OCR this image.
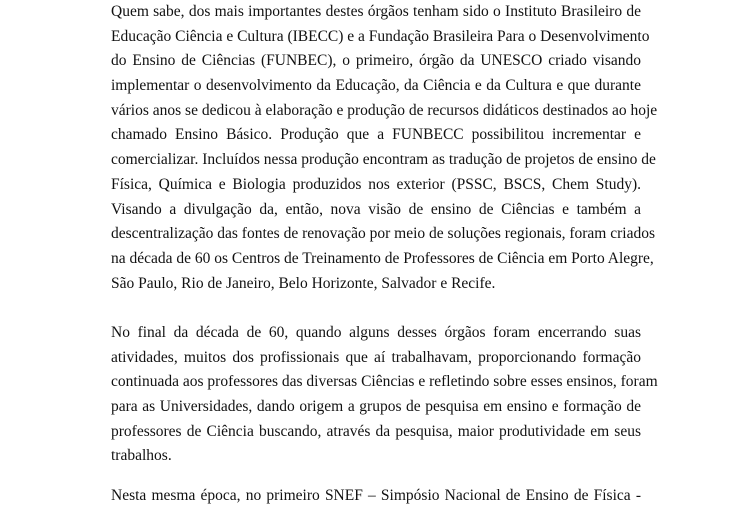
Quem sabe, dos mais importantes destes órgãos tenham sido o Instituto Brasileiro de
Educação Ciência e Cultura (IBECC) e a Fundação Brasileira Para o Desenvolvimento
do Ensino de Ciências (FUNBEC), o primeiro, órgão da UNESCO criado visando
implementar o desenvolvimento da Educação, da Ciência e da Cultura e que durante
vários anos se dedicou à elaboração e produção de recursos didáticos destinados ao hoje
chamado Ensino Básico. Produção que a FUNBECC possibilitou incrementar e
comercializar. Incluídos nessa produção encontram as tradução de projetos de ensino de
Física, Química e Biologia produzidos nos exterior (PSSC, BSCS, Chem Study).
Visando a divulgação da, então, nova visão de ensino de Ciências e também a
descentralização das fontes de renovação por meio de soluções regionais, foram criados
na década de 60 os Centros de Treinamento de Professores de Ciência em Porto Alegre,
São Paulo, Rio de Janeiro, Belo Horizonte, Salvador e Recife.
No final da década de 60, quando alguns desses órgãos foram encerrando suas
atividades, muitos dos profissionais que aí trabalhavam, proporcionando formação
continuada aos professores das diversas Ciências e refletindo sobre esses ensinos, foram
para as Universidades, dando origem a grupos de pesquisa em ensino e formação de
professores de Ciência buscando, através da pesquisa, maior produtividade em seus
trabalhos.
Nesta mesma época, no primeiro SNEF – Simpósio Nacional de Ensino de Física -
